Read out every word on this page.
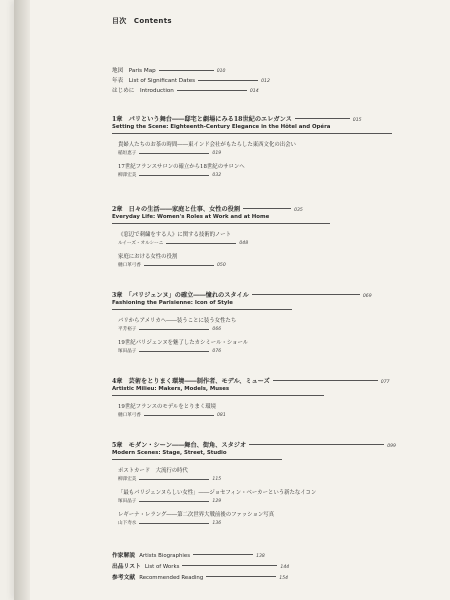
目次　Contents
地図　Paris Map	010
年表　List of Significant Dates	012
はじめに　Introduction	014
1章　パリという舞台――邸宅と劇場にみる18世紀のエレガンス	015
Setting the Scene: Eighteenth-Century Elegance in the Hôtel and Opéra
貴婦人たちのお茶の時間――東インド会社がもたらした東西文化の出会い
稲垣恵子	019
17世紀フランスサロンの確立から18世紀のサロンへ
柳澤宏美	032
2章　日々の生活――家庭と仕事、女性の役割	035
Everyday Life: Women's Roles at Work and at Home
《窓辺で刺繍をする人》に関する技術的ノート
ルイーズ・オルシーニ	048
家庭における女性の役割
樋口革弓香	050
3章　「パリジェンヌ」の確立――憧れのスタイル	069
Fashioning the Parisienne: Icon of Style
パリからアメリカへ――装うことに装う女性たち
平芳裕子	066
19世紀パリジェンヌを魅了したカシミール・ショール
塚田晶子	076
4章　芸術をとりまく環境――制作者、モデル、ミューズ	077
Artistic Milieu: Makers, Models, Muses
19世紀フランスのモデルをとりまく環境
樋口革弓香	081
5章　モダン・シーン――舞台、街角、スタジオ	099
Modern Scenes: Stage, Street, Studio
ポストカード　大流行の時代
柳澤宏美	115
「最もパリジェンヌらしい女性」――ジョセフィン・ベーカーという新たなイコン
塚田晶子	129
レギーナ・レラング――第二次世界大戦前後のファッション写真
山下寿水	136
作家解説 Artists Biographies	138
出品リスト List of Works	144
参考文献 Recommended Reading	154
